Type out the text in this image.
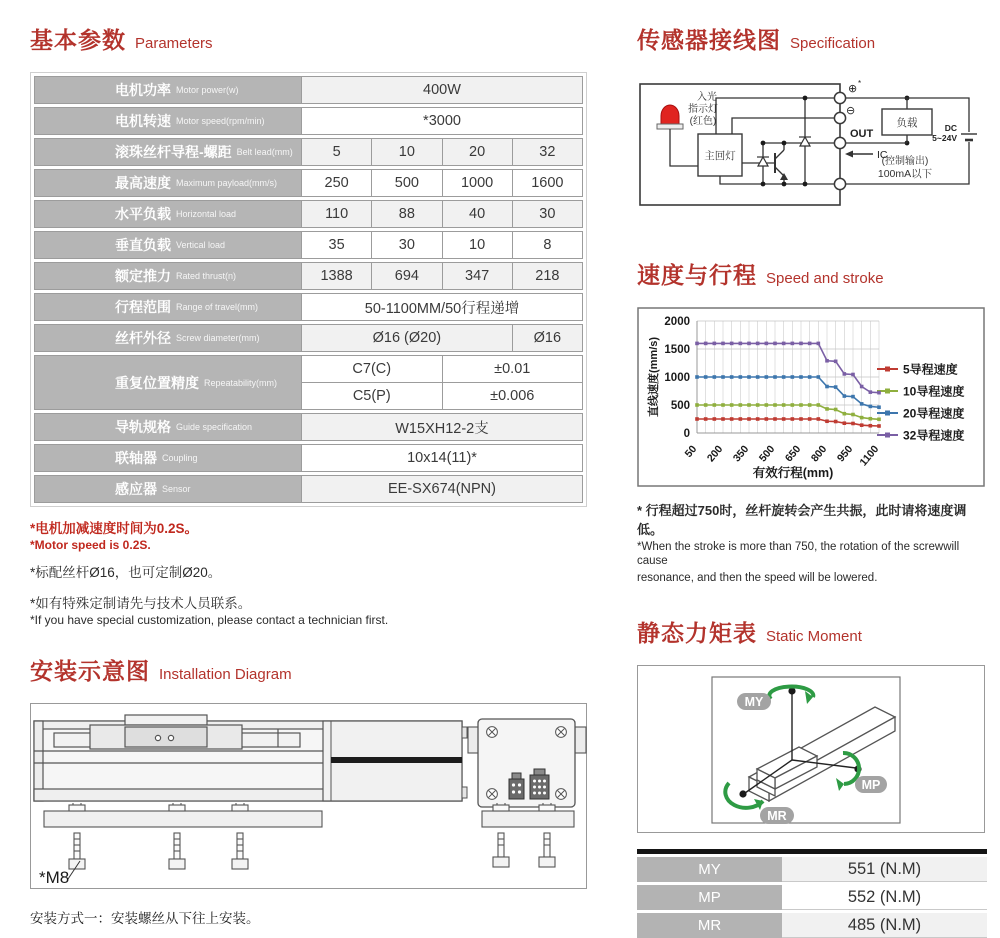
基本参数 Parameters
电机功率 Motor power(w)	400W
电机转速 Motor speed(rpm/min)	*3000
滚珠丝杆导程-螺距 Belt lead(mm)	5	10	20	32
最高速度 Maximum payload(mm/s)	250	500	1000	1600
水平负载 Horizontal load	110	88	40	30
垂直负载 Vertical load	35	30	10	8
额定推力 Rated thrust(n)	1388	694	347	218
行程范围 Range of travel(mm)	50-1100MM/50行程递增
丝杆外径 Screw diameter(mm)	Ø16 (Ø20)	Ø16
重复位置精度 Repeatability(mm)
C7(C)	±0.01
C5(P)	±0.006
导轨规格 Guide specification	W15XH12-2支
联轴器 Coupling	10x14(11)*
感应器 Sensor	EE-SX674(NPN)

*电机加减速度时间为0.2S。

*Motor speed is 0.2S.

*标配丝杆Ø16，也可定制Ø20。

*如有特殊定制请先与技术人员联系。

*If you have special customization, please contact a technician first.

安装示意图 Installation Diagram
*M8

安装方式一：安装螺丝从下往上安装。

传感器接线图 Specification
入光
指示灯
(红色)
主回灯
⊕ *
⊖
负载	DC
5~24V
OUT
IC
(控制输出)
100mA以下
速度与行程 Speed and stroke
0
500
1000
1500
2000
50 200 350 500 650 800 950 1100
直线速度(mm/s)
有效行程(mm)
5导程速度
10导程速度
20导程速度
32导程速度

* 行程超过750时，丝杆旋转会产生共振，此时请将速度调低。

*When the stroke is more than 750, the rotation of the screwwill cause

resonance, and then the speed will be lowered.

静态力矩表 Static Moment
MY
MP
MR
MY	551 (N.M)
MP	552 (N.M)
MR	485 (N.M)
